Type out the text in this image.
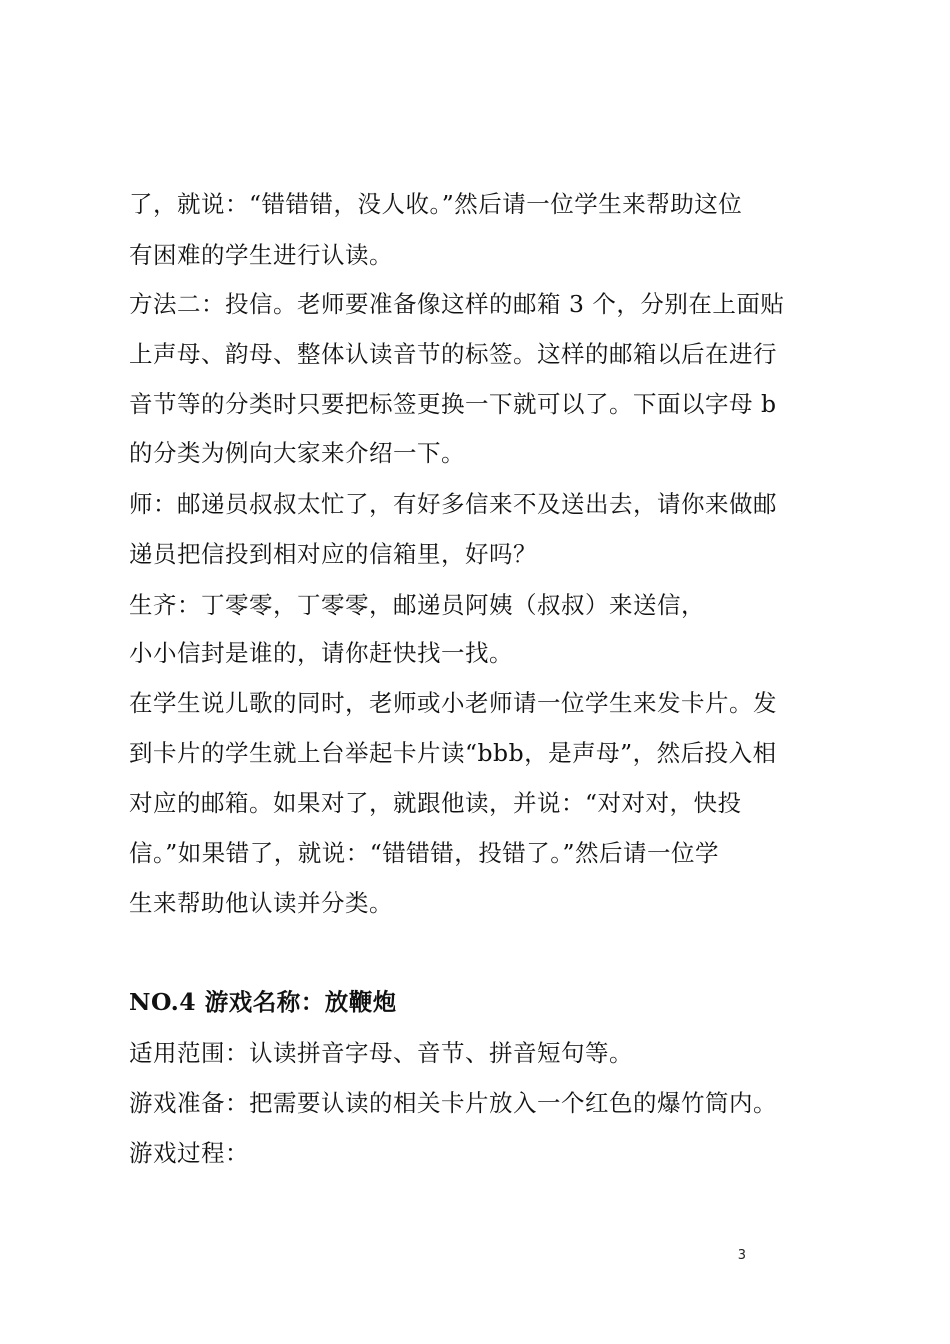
了，就说：“错错错，没人收。”然后请一位学生来帮助这位
有困难的学生进行认读。
方法二：投信。老师要准备像这样的邮箱 3 个，分别在上面贴
上声母、韵母、整体认读音节的标签。这样的邮箱以后在进行
音节等的分类时只要把标签更换一下就可以了。下面以字母 b
的分类为例向大家来介绍一下。
师：邮递员叔叔太忙了，有好多信来不及送出去，请你来做邮
递员把信投到相对应的信箱里，好吗？
生齐：丁零零，丁零零，邮递员阿姨（叔叔）来送信，
小小信封是谁的，请你赶快找一找。
在学生说儿歌的同时，老师或小老师请一位学生来发卡片。发
到卡片的学生就上台举起卡片读“bbb，是声母”，然后投入相
对应的邮箱。如果对了，就跟他读，并说：“对对对，快投
信。”如果错了，就说：“错错错，投错了。”然后请一位学
生来帮助他认读并分类。
NO.4 游戏名称：放鞭炮
适用范围：认读拼音字母、音节、拼音短句等。
游戏准备：把需要认读的相关卡片放入一个红色的爆竹筒内。
游戏过程：
3
